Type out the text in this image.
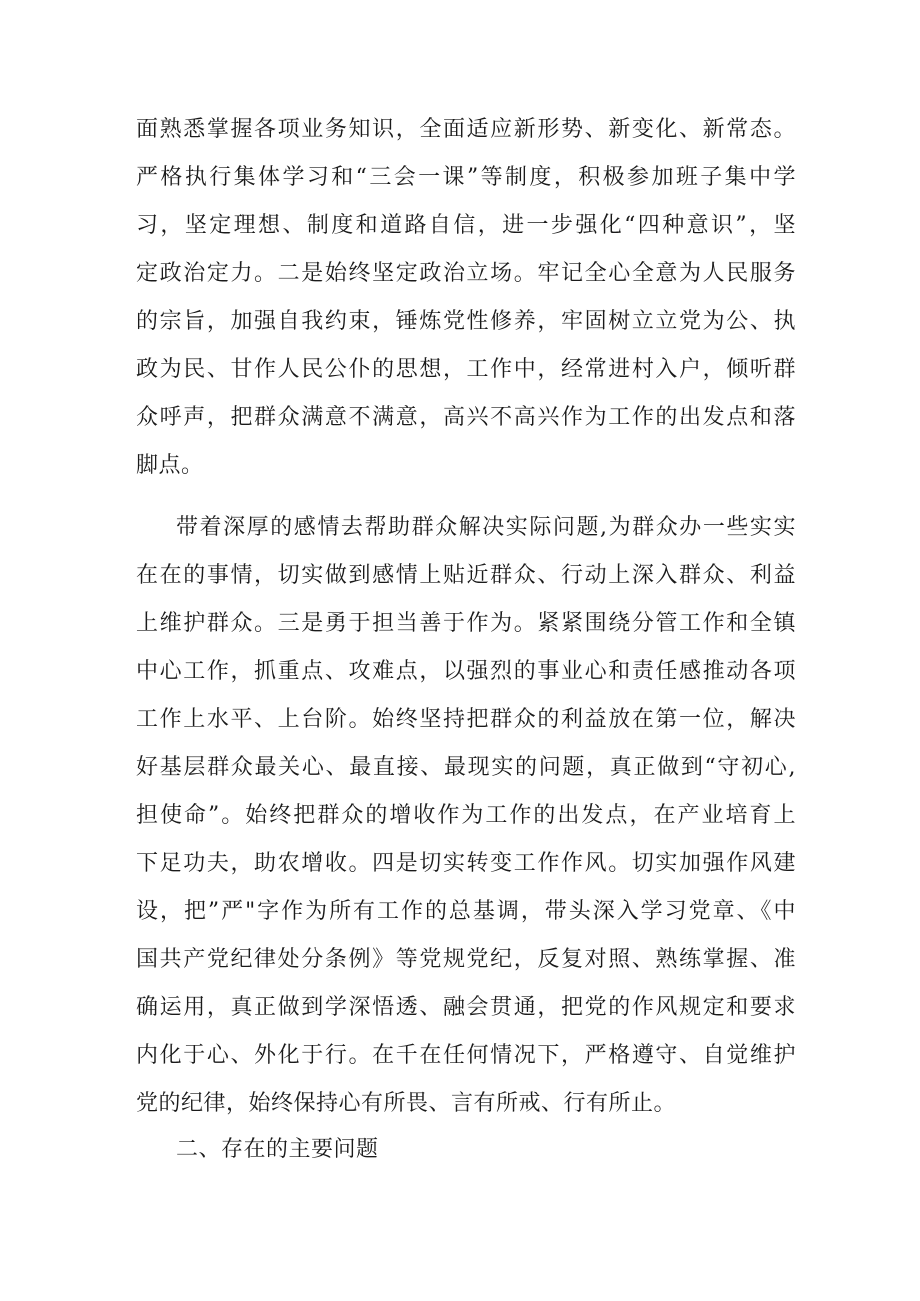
面熟悉掌握各项业务知识，全面适应新形势、新变化、新常态。

严格执行集体学习和“三会一课”等制度，积极参加班子集中学

习，坚定理想、制度和道路自信，进一步强化“四种意识”，坚

定政治定力。二是始终坚定政治立场。牢记全心全意为人民服务

的宗旨，加强自我约束，锤炼党性修养，牢固树立立党为公、执

政为民、甘作人民公仆的思想，工作中，经常进村入户，倾听群

众呼声，把群众满意不满意，高兴不高兴作为工作的出发点和落

脚点。

带着深厚的感情去帮助群众解决实际问题,为群众办一些实实

在在的事情，切实做到感情上贴近群众、行动上深入群众、利益

上维护群众。三是勇于担当善于作为。紧紧围绕分管工作和全镇

中心工作，抓重点、攻难点，以强烈的事业心和责任感推动各项

工作上水平、上台阶。始终坚持把群众的利益放在第一位，解决

好基层群众最关心、最直接、最现实的问题，真正做到“守初心,

担使命”。始终把群众的增收作为工作的出发点，在产业培育上

下足功夫，助农增收。四是切实转变工作作风。切实加强作风建

设，把”严"字作为所有工作的总基调，带头深入学习党章、《中

国共产党纪律处分条例》等党规党纪，反复对照、熟练掌握、准

确运用，真正做到学深悟透、融会贯通，把党的作风规定和要求

内化于心、外化于行。在千在任何情况下，严格遵守、自觉维护

党的纪律，始终保持心有所畏、言有所戒、行有所止。

二、存在的主要问题
